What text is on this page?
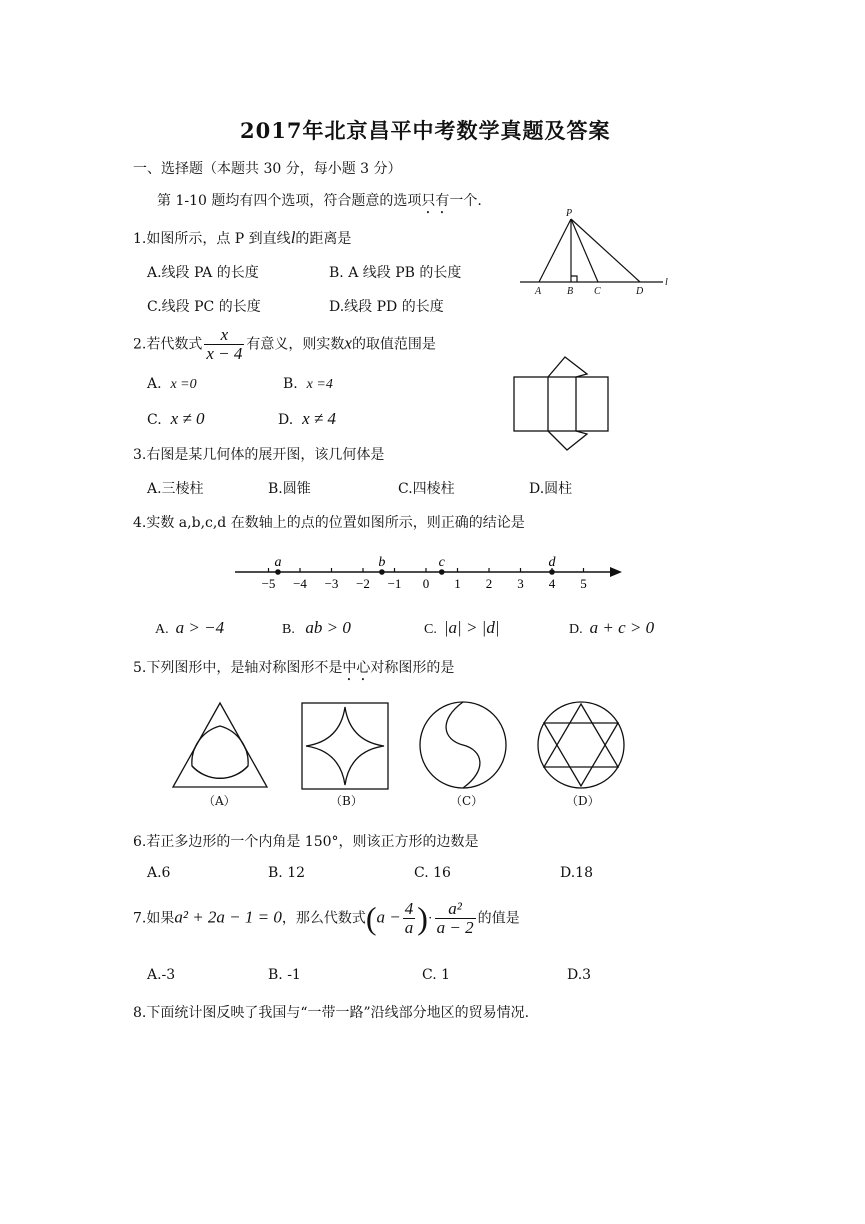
2017年北京昌平中考数学真题及答案
一、选择题（本题共 30 分，每小题 3 分）
第 1-10 题均有四个选项，符合题意的选项只有一个.
1.如图所示，点 P 到直线l的距离是
A.线段 PA 的长度	B. A 线段 PB 的长度
C.线段 PC 的长度	D.线段 PD 的长度
P
A	B C	D
l
2.若代数式 $\frac{x}{x - 4}$ 有意义，则实数x的取值范围是
A. x =0	B. x =4
C. x ≠ 0	D. x ≠ 4
3.右图是某几何体的展开图，该几何体是
A.三棱柱	B.圆锥	C.四棱柱	D.圆柱
4.实数 a,b,c,d 在数轴上的点的位置如图所示，则正确的结论是
−5 −4 −3 −2 −1 0 1 2 3 4 5
a	b	c	d
A. a > −4	B. ab > 0	C. |a| > |d|	D. a + c > 0
5.下列图形中，是轴对称图形不是中心对称图形的是
（A）	（B）	（C）	（D）
6.若正多边形的一个内角是 150°，则该正方形的边数是
A.6	B. 12	C. 16	D.18
7.如果a² + 2a − 1 = 0，那么代数式($a - \frac{4}{a}$ )· $\frac{\text{a²}}{a - 2}$ 的值是
A.-3	B. -1	C. 1	D.3
8.下面统计图反映了我国与“一带一路”沿线部分地区的贸易情况.
